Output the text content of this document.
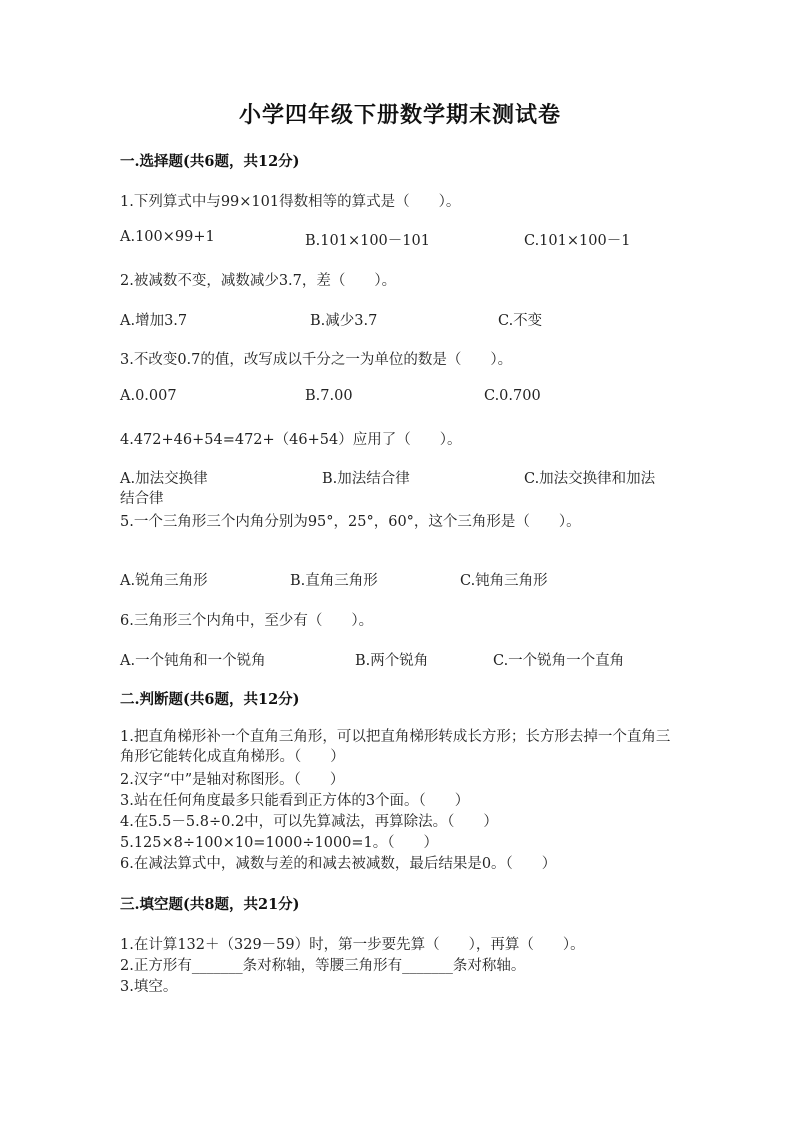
小学四年级下册数学期末测试卷
一.选择题(共6题，共12分)
1.下列算式中与99×101得数相等的算式是（　　）。
A.100×99+1	B.101×100－101	C.101×100－1
2.被减数不变，减数减少3.7，差（　　）。
A.增加3.7	B.减少3.7	C.不变
3.不改变0.7的值，改写成以千分之一为单位的数是（　　）。
A.0.007	B.7.00	C.0.700
4.472+46+54=472+（46+54）应用了（　　）。
A.加法交换律	B.加法结合律	C.加法交换律和加法
结合律
5.一个三角形三个内角分别为95°，25°，60°，这个三角形是（　　）。
A.锐角三角形	B.直角三角形	C.钝角三角形
6.三角形三个内角中，至少有（　　）。
A.一个钝角和一个锐角	B.两个锐角	C.一个锐角一个直角
二.判断题(共6题，共12分)
1.把直角梯形补一个直角三角形，可以把直角梯形转成长方形；长方形去掉一个直角三角形它能转化成直角梯形。（　　）
2.汉字“中”是轴对称图形。（　　）
3.站在任何角度最多只能看到正方体的3个面。（　　）
4.在5.5－5.8÷0.2中，可以先算减法，再算除法。（　　）
5.125×8÷100×10=1000÷1000=1。（　　）
6.在减法算式中，减数与差的和减去被减数，最后结果是0。（　　）
三.填空题(共8题，共21分)
1.在计算132＋（329－59）时，第一步要先算（　　），再算（　　）。
2.正方形有_______条对称轴，等腰三角形有_______条对称轴。
3.填空。
